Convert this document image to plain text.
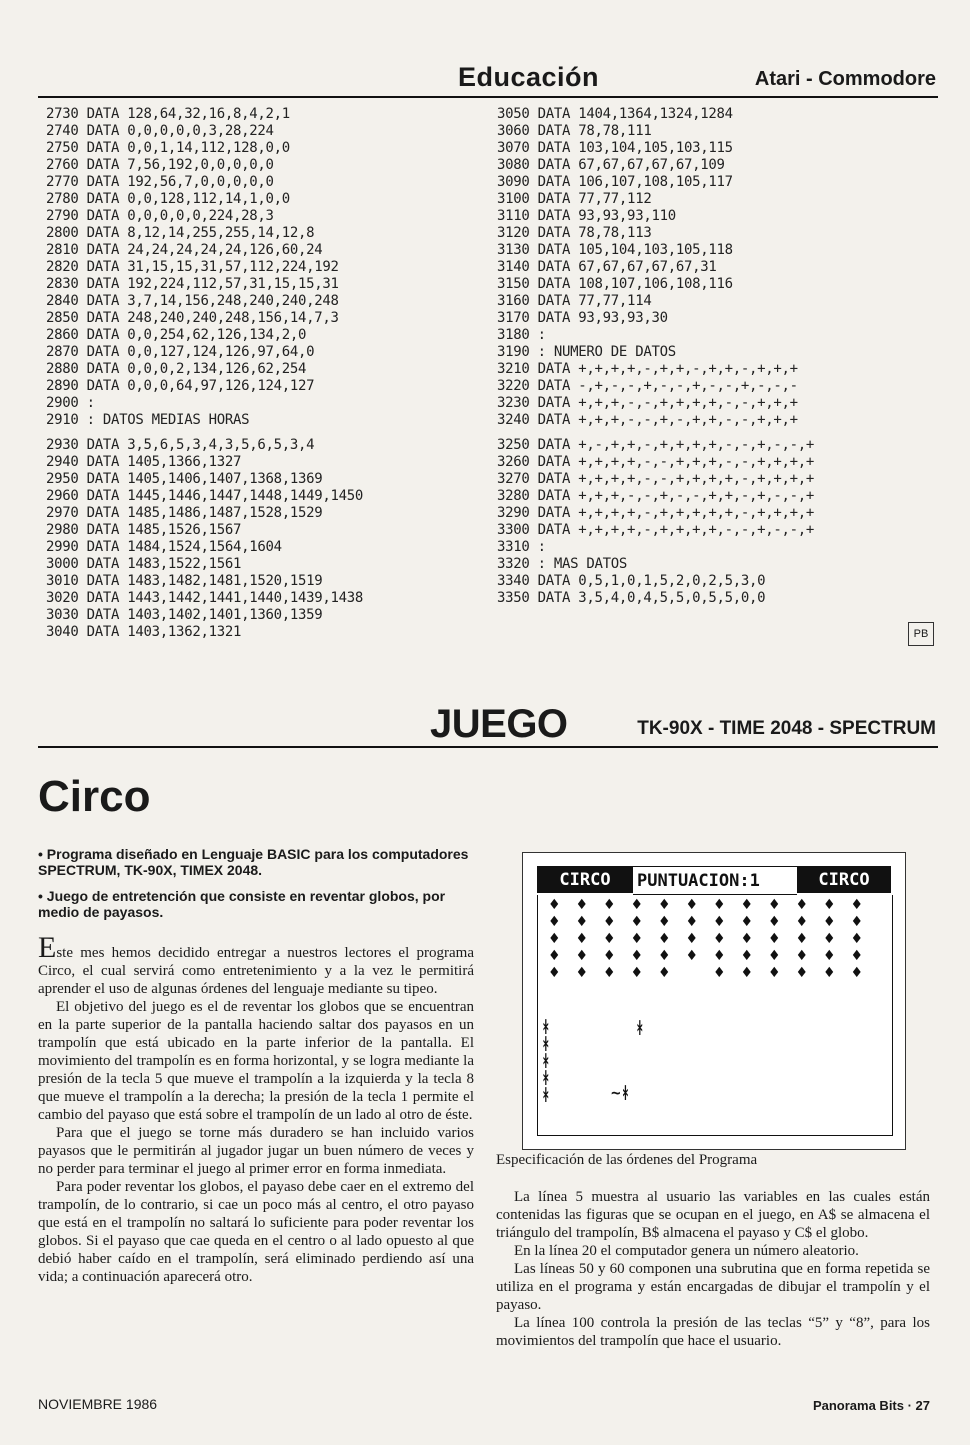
Educación	Atari - Commodore
2730 DATA 128,64,32,16,8,4,2,1
2740 DATA 0,0,0,0,0,3,28,224
2750 DATA 0,0,1,14,112,128,0,0
2760 DATA 7,56,192,0,0,0,0,0
2770 DATA 192,56,7,0,0,0,0,0
2780 DATA 0,0,128,112,14,1,0,0
2790 DATA 0,0,0,0,0,224,28,3
2800 DATA 8,12,14,255,255,14,12,8
2810 DATA 24,24,24,24,24,126,60,24
2820 DATA 31,15,15,31,57,112,224,192
2830 DATA 192,224,112,57,31,15,15,31
2840 DATA 3,7,14,156,248,240,240,248
2850 DATA 248,240,240,248,156,14,7,3
2860 DATA 0,0,254,62,126,134,2,0
2870 DATA 0,0,127,124,126,97,64,0
2880 DATA 0,0,0,2,134,126,62,254
2890 DATA 0,0,0,64,97,126,124,127
2900 :
2910 : DATOS MEDIAS HORAS
2930 DATA 3,5,6,5,3,4,3,5,6,5,3,4
2940 DATA 1405,1366,1327
2950 DATA 1405,1406,1407,1368,1369
2960 DATA 1445,1446,1447,1448,1449,1450
2970 DATA 1485,1486,1487,1528,1529
2980 DATA 1485,1526,1567
2990 DATA 1484,1524,1564,1604
3000 DATA 1483,1522,1561
3010 DATA 1483,1482,1481,1520,1519
3020 DATA 1443,1442,1441,1440,1439,1438
3030 DATA 1403,1402,1401,1360,1359
3040 DATA 1403,1362,1321
3050 DATA 1404,1364,1324,1284
3060 DATA 78,78,111
3070 DATA 103,104,105,103,115
3080 DATA 67,67,67,67,67,109
3090 DATA 106,107,108,105,117
3100 DATA 77,77,112
3110 DATA 93,93,93,110
3120 DATA 78,78,113
3130 DATA 105,104,103,105,118
3140 DATA 67,67,67,67,67,31
3150 DATA 108,107,106,108,116
3160 DATA 77,77,114
3170 DATA 93,93,93,30
3180 :
3190 : NUMERO DE DATOS
3210 DATA +,+,+,+,-,+,+,-,+,+,-,+,+,+
3220 DATA -,+,-,-,+,-,-,+,-,-,+,-,-,-
3230 DATA +,+,+,-,-,+,+,+,+,-,-,+,+,+
3240 DATA +,+,+,-,-,+,-,+,+,-,-,+,+,+
3250 DATA +,-,+,+,-,+,+,+,+,-,-,+,-,-,+
3260 DATA +,+,+,+,-,-,+,+,+,-,-,+,+,+,+
3270 DATA +,+,+,+,-,-,+,+,+,+,-,+,+,+,+
3280 DATA +,+,+,-,-,+,-,-,+,+,-,+,-,-,+
3290 DATA +,+,+,+,-,+,+,+,+,+,-,+,+,+,+
3300 DATA +,+,+,+,-,+,+,+,+,-,-,+,-,-,+
3310 :
3320 : MAS DATOS
3340 DATA 0,5,1,0,1,5,2,0,2,5,3,0
3350 DATA 3,5,4,0,4,5,5,0,5,5,0,0
PB
JUEGO	TK-90X - TIME 2048 - SPECTRUM
Circo

• Programa diseñado en Lenguaje BASIC para los computadores SPECTRUM, TK-90X, TIMEX 2048.

• Juego de entretención que consiste en reventar globos, por medio de payasos.

Este mes hemos decidido entregar a nuestros lectores el programa Circo, el cual servirá como entretenimiento y a la vez le permitirá aprender el uso de algunas órdenes del lenguaje mediante su tipeo.

El objetivo del juego es el de reventar los globos que se encuentran en la parte superior de la pantalla haciendo saltar dos payasos en un trampolín que está ubicado en la parte inferior de la pantalla. El movimiento del trampolín es en forma horizontal, y se logra mediante la presión de la tecla 5 que mueve el trampolín a la izquierda y la tecla 8 que mueve el trampolín a la derecha; la presión de la tecla 1 permite el cambio del payaso que está sobre el trampolín de un lado al otro de éste.

Para que el juego se torne más duradero se han incluido varios payasos que le permitirán al jugador jugar un buen número de veces y no perder para terminar el juego al primer error en forma inmediata.

Para poder reventar los globos, el payaso debe caer en el extremo del trampolín, de lo contrario, si cae un poco más al centro, el otro payaso que está en el trampolín no saltará lo suficiente para poder reventar los globos. Si el payaso que cae queda en el centro o al lado opuesto al que debió haber caído en el trampolín, será eliminado perdiendo así una vida; a continuación aparecerá otro.

CIRCO	PUNTUACION:1	CIRCO
♦ ♦ ♦ ♦ ♦ ♦ ♦ ♦ ♦ ♦ ♦ ♦
♦ ♦ ♦ ♦ ♦ ♦ ♦ ♦ ♦ ♦ ♦ ♦
♦ ♦ ♦ ♦ ♦ ♦ ♦ ♦ ♦ ♦ ♦ ♦
♦ ♦ ♦ ♦ ♦ ♦ ♦ ♦ ♦ ♦ ♦ ♦
♦ ♦ ♦ ♦ ♦	♦ ♦ ♦ ♦ ♦ ♦
ᚼ
ᚼ
ᚼ
ᚼ
ᚼ
ᚼ
~ᚼ
Especificación de las órdenes del Programa

La línea 5 muestra al usuario las variables en las cuales están contenidas las figuras que se ocupan en el juego, en A$ se almacena el triángulo del trampolín, B$ almacena el payaso y C$ el globo.

En la línea 20 el computador genera un número aleatorio.

Las líneas 50 y 60 componen una subrutina que en forma repetida se utiliza en el programa y están encargadas de dibujar el trampolín y el payaso.

La línea 100 controla la presión de las teclas “5” y “8”, para los movimientos del trampolín que hace el usuario.

NOVIEMBRE 1986	Panorama Bits · 27
